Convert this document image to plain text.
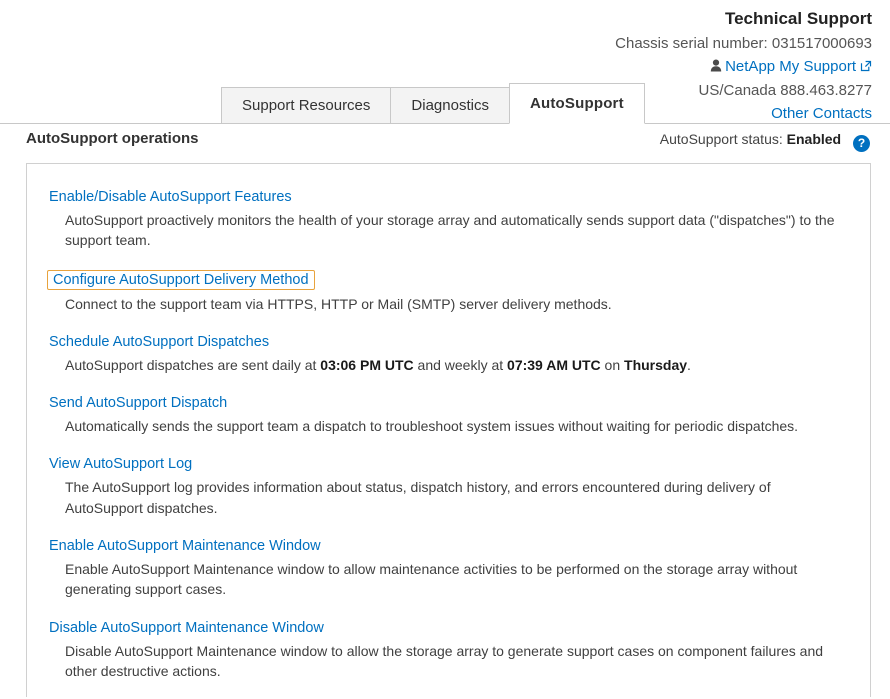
Technical Support
Chassis serial number: 031517000693
NetApp My Support
US/Canada 888.463.8277
Other Contacts
Support Resources	Diagnostics	AutoSupport
AutoSupport operations	AutoSupport status: Enabled ?
Enable/Disable AutoSupport Features
AutoSupport proactively monitors the health of your storage array and automatically sends support data ("dispatches") to the support team.
Configure AutoSupport Delivery Method
Connect to the support team via HTTPS, HTTP or Mail (SMTP) server delivery methods.
Schedule AutoSupport Dispatches
AutoSupport dispatches are sent daily at 03:06 PM UTC and weekly at 07:39 AM UTC on Thursday.
Send AutoSupport Dispatch
Automatically sends the support team a dispatch to troubleshoot system issues without waiting for periodic dispatches.
View AutoSupport Log
The AutoSupport log provides information about status, dispatch history, and errors encountered during delivery of AutoSupport dispatches.
Enable AutoSupport Maintenance Window
Enable AutoSupport Maintenance window to allow maintenance activities to be performed on the storage array without generating support cases.
Disable AutoSupport Maintenance Window
Disable AutoSupport Maintenance window to allow the storage array to generate support cases on component failures and other destructive actions.
